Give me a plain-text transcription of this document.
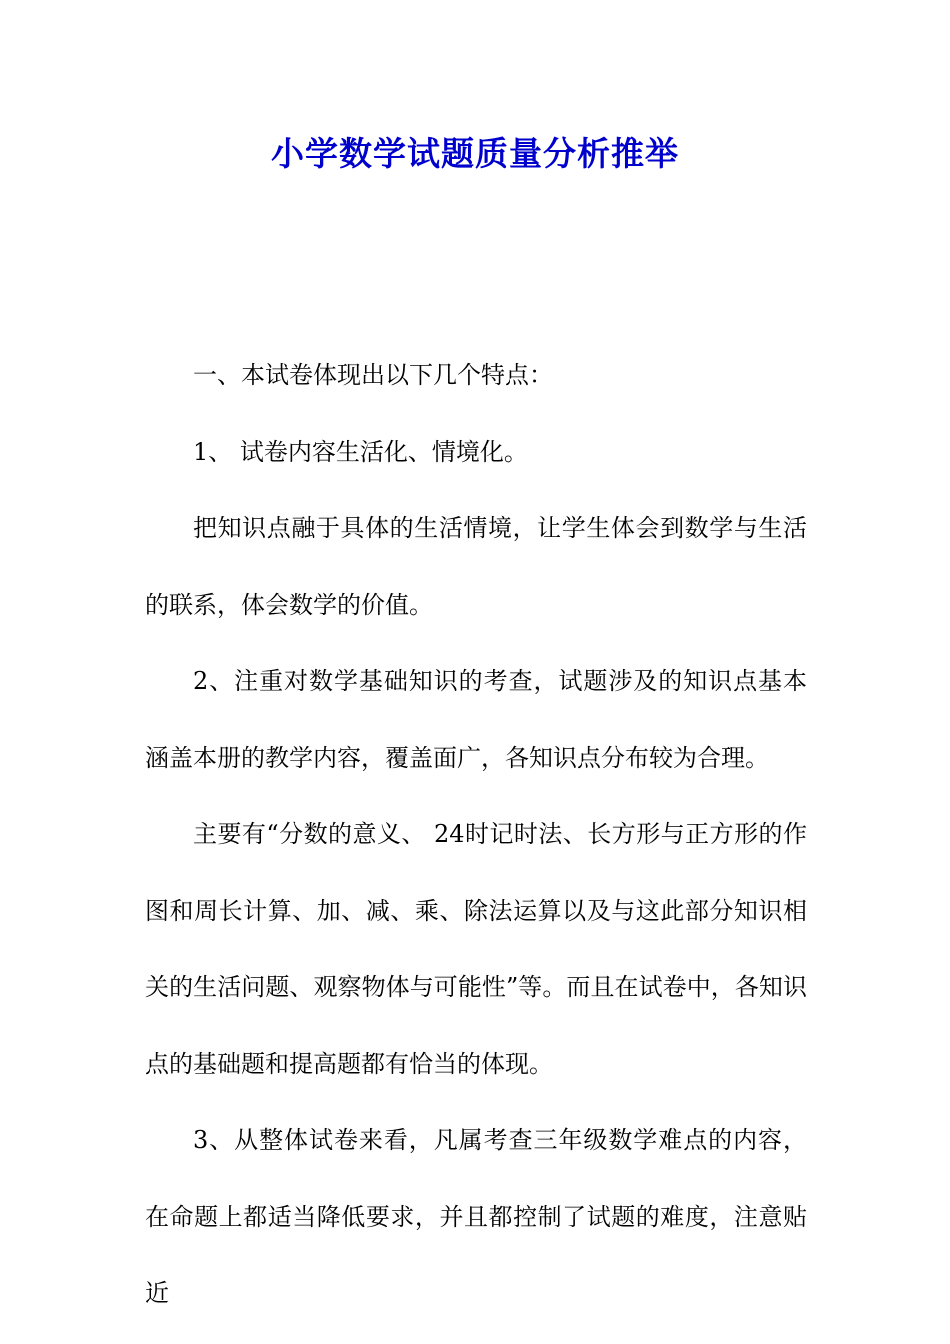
小学数学试题质量分析推举

一、本试卷体现出以下几个特点：

1、 试卷内容生活化、情境化。

把知识点融于具体的生活情境，让学生体会到数学与生活的联系，体会数学的价值。

2、注重对数学基础知识的考查，试题涉及的知识点基本涵盖本册的教学内容，覆盖面广，各知识点分布较为合理。

主要有“分数的意义、 24时记时法、长方形与正方形的作图和周长计算、加、减、乘、除法运算以及与这此部分知识相关的生活问题、观察物体与可能性”等。而且在试卷中，各知识点的基础题和提高题都有恰当的体现。

3、从整体试卷来看，凡属考查三年级数学难点的内容，在命题上都适当降低要求，并且都控制了试题的难度，注意贴近
